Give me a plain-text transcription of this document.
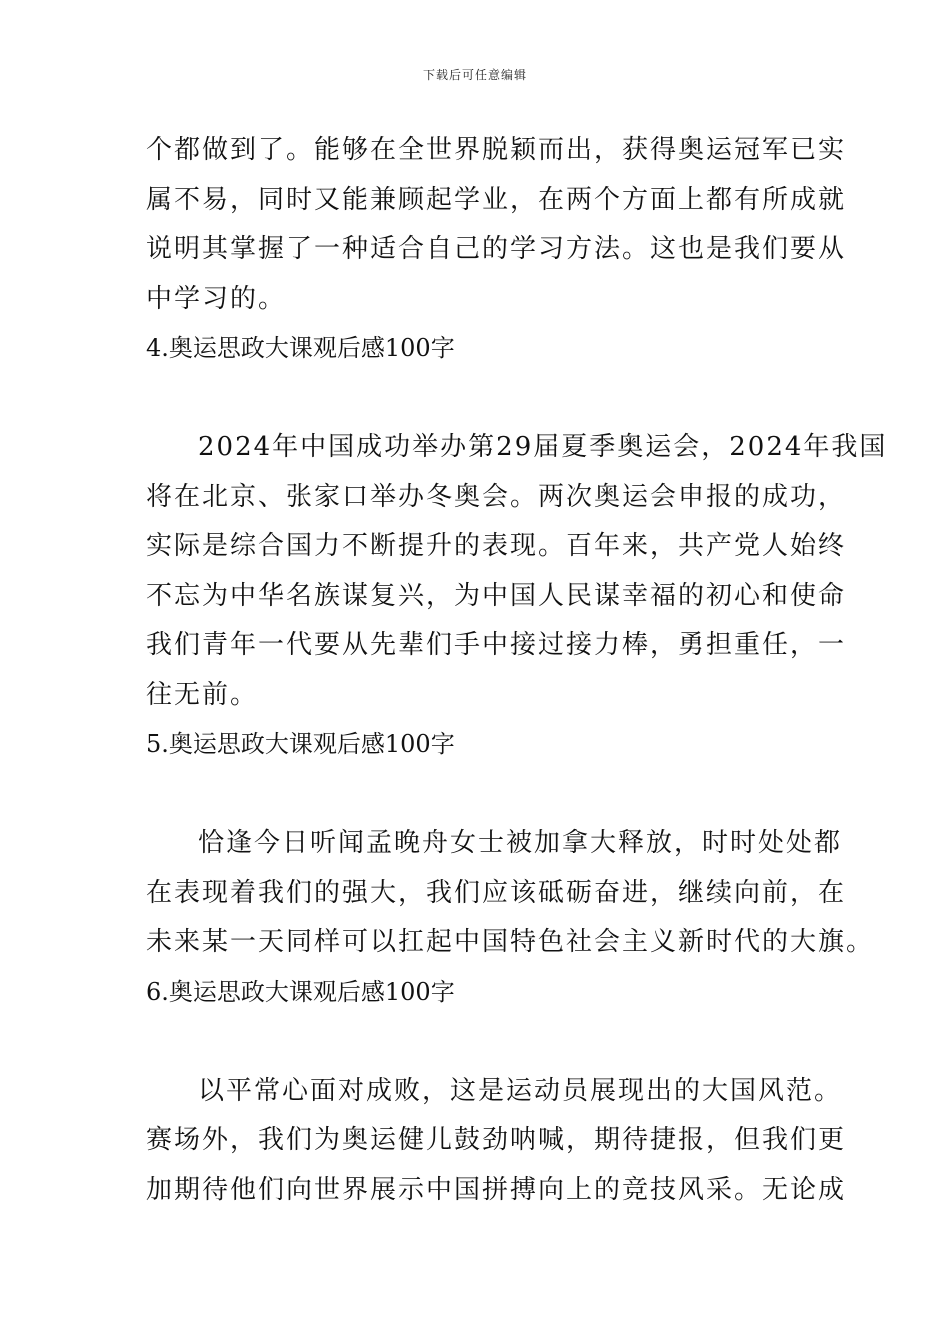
下载后可任意编辑
个都做到了。能够在全世界脱颖而出，获得奥运冠军已实
属不易，同时又能兼顾起学业，在两个方面上都有所成就
说明其掌握了一种适合自己的学习方法。这也是我们要从
中学习的。
4.奥运思政大课观后感100字
2024年中国成功举办第29届夏季奥运会，2024年我国
将在北京、张家口举办冬奥会。两次奥运会申报的成功，
实际是综合国力不断提升的表现。百年来，共产党人始终
不忘为中华名族谋复兴，为中国人民谋幸福的初心和使命
我们青年一代要从先辈们手中接过接力棒，勇担重任，一
往无前。
5.奥运思政大课观后感100字
恰逢今日听闻孟晚舟女士被加拿大释放，时时处处都
在表现着我们的强大，我们应该砥砺奋进，继续向前，在
未来某一天同样可以扛起中国特色社会主义新时代的大旗。
6.奥运思政大课观后感100字
以平常心面对成败，这是运动员展现出的大国风范。
赛场外，我们为奥运健儿鼓劲呐喊，期待捷报，但我们更
加期待他们向世界展示中国拼搏向上的竞技风采。无论成
